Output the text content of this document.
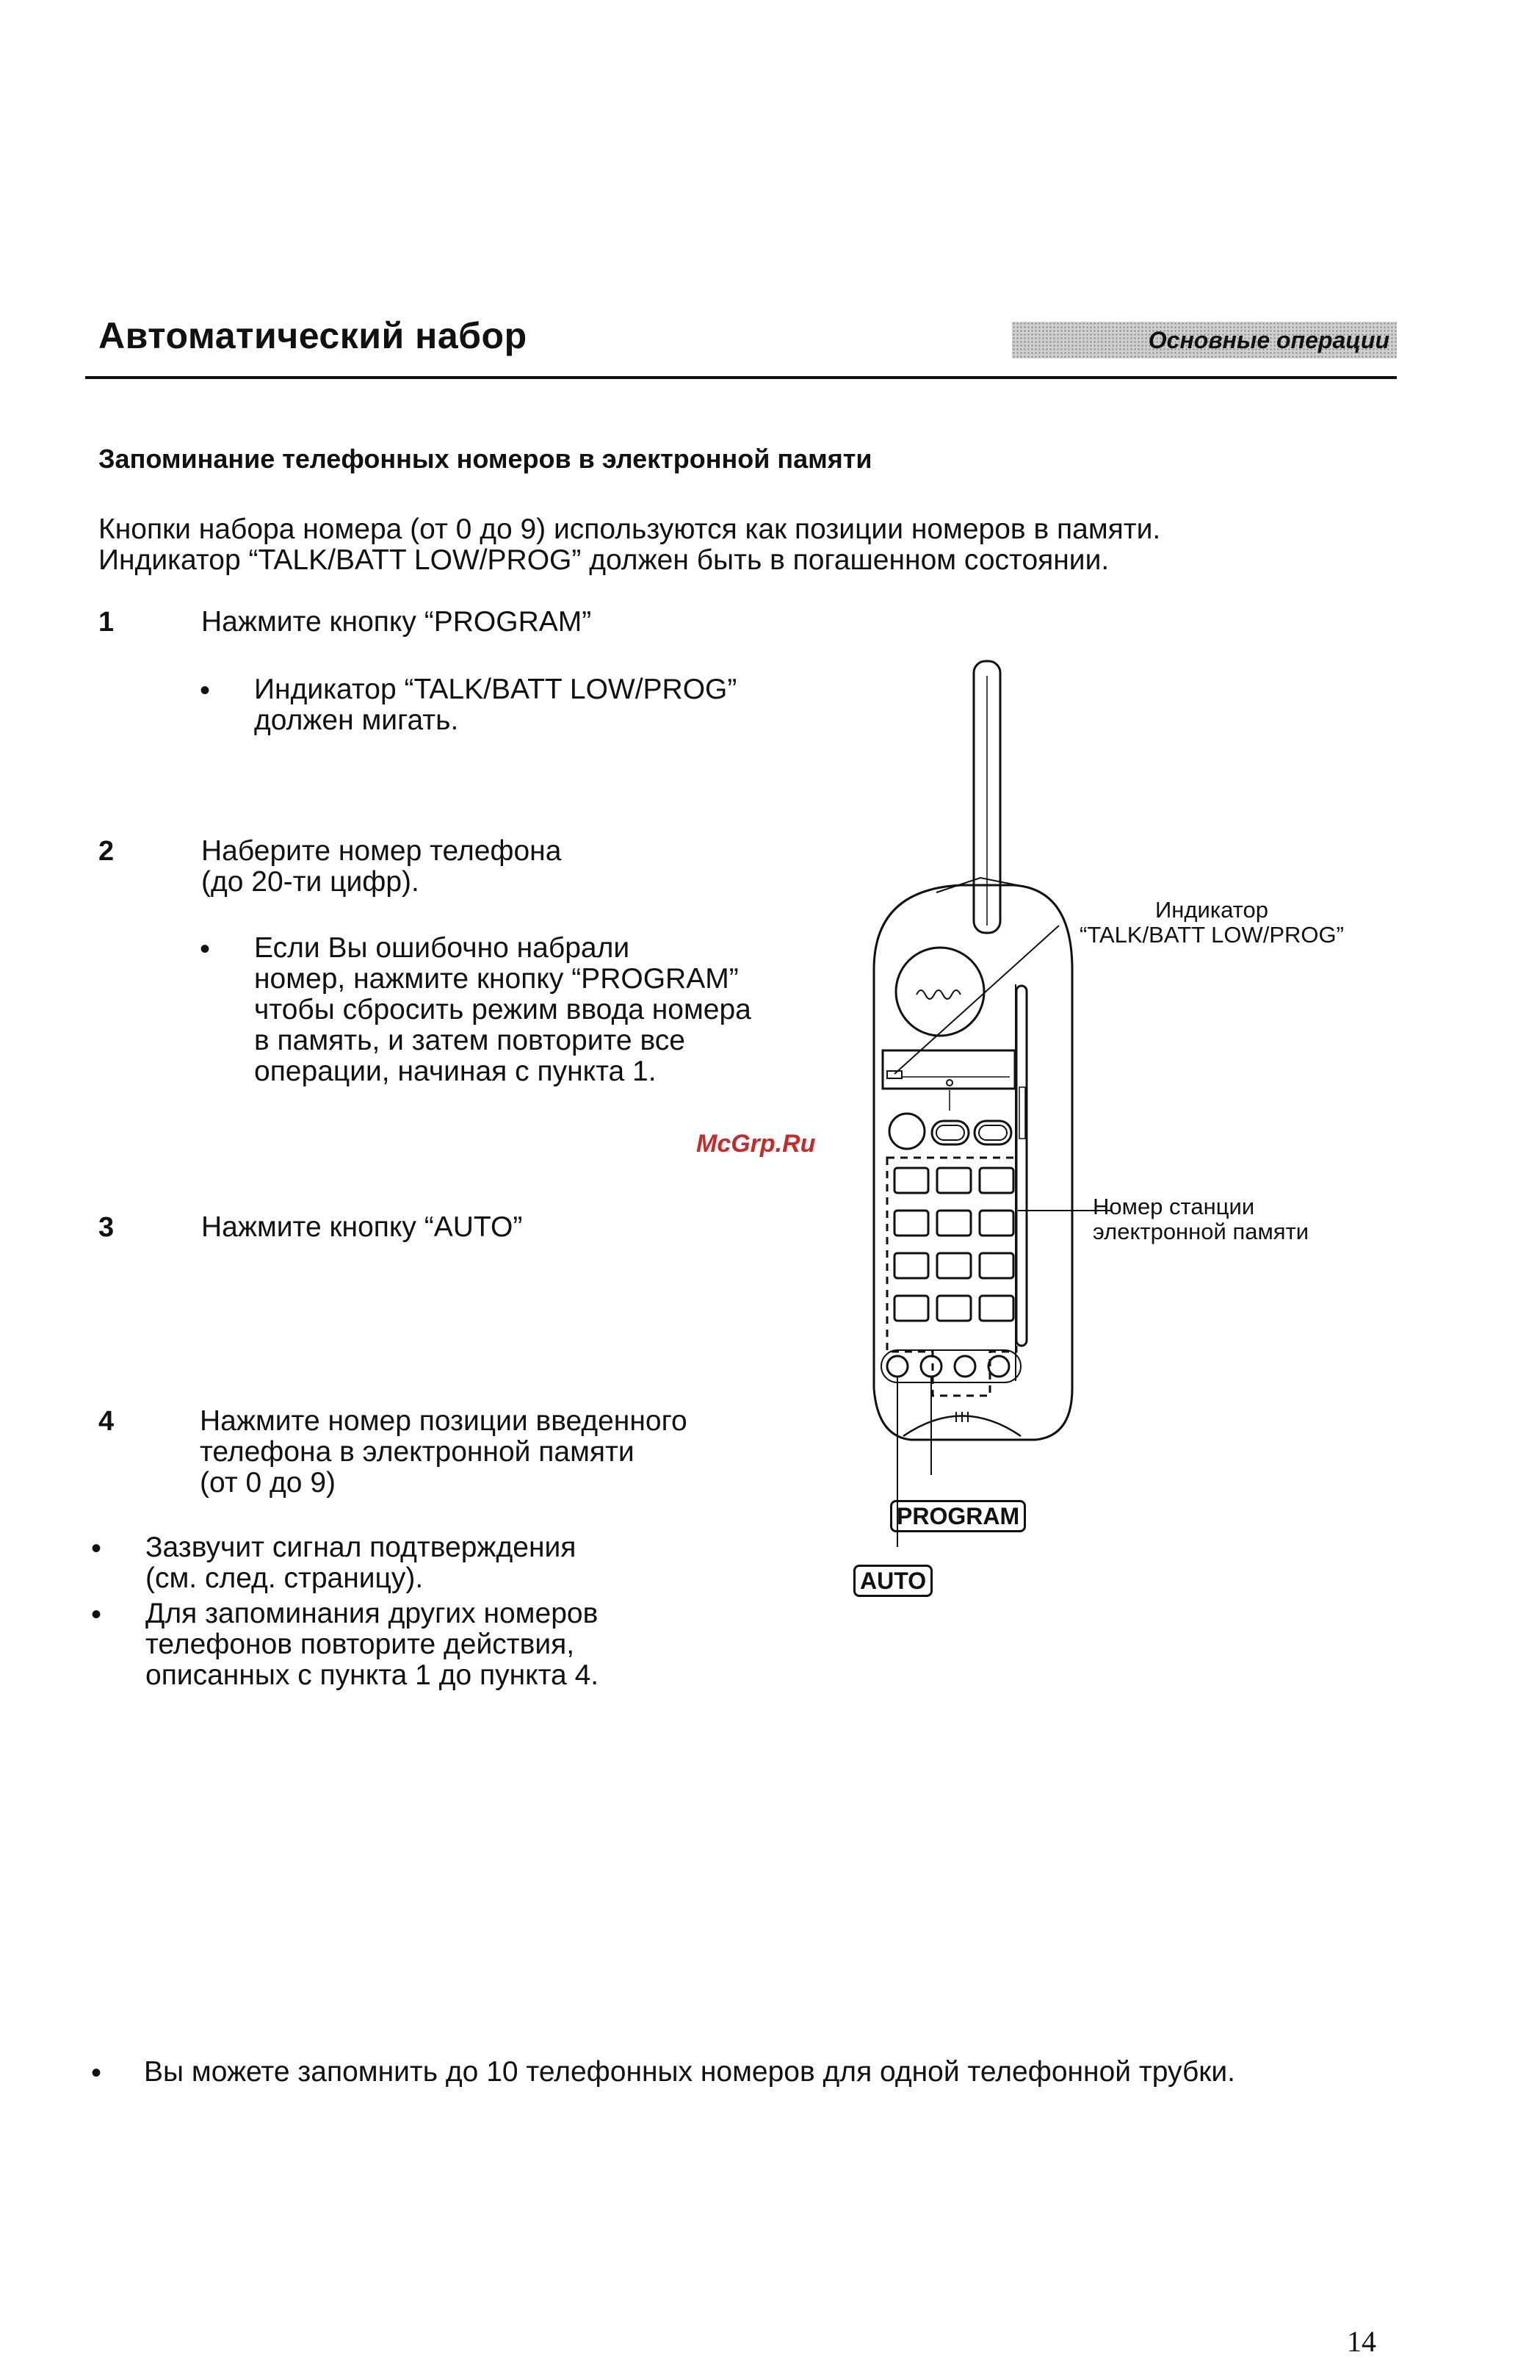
Автоматический набор	Основные операции
Запоминание телефонных номеров в электронной памяти
Кнопки набора номера (от 0 до 9) используются как позиции номеров в памяти.
Индикатор “TALK/BATT LOW/PROG” должен быть в погашенном состоянии.
1	Нажмите кнопку “PROGRAM”
• Индикатор “TALK/BATT LOW/PROG”
должен мигать.
2	Наберите номер телефона
(до 20-ти цифр).
• Если Вы ошибочно набрали
номер, нажмите кнопку “PROGRAM”
чтобы сбросить режим ввода номера
в память, и затем повторите все
операции, начиная с пункта 1.
3	Нажмите кнопку “AUTO”
4	Нажмите номер позиции введенного
телефона в электронной памяти
(от 0 до 9)
• Зазвучит сигнал подтверждения
(см. след. страницу).
• Для запоминания других номеров
телефонов повторите действия,
описанных с пункта 1 до пункта 4.
Индикатор
“TALK/BATT LOW/PROG”
Номер станции
электронной памяти
PROGRAM
AUTO
McGrp.Ru
• Вы можете запомнить до 10 телефонных номеров для одной телефонной трубки.
14
